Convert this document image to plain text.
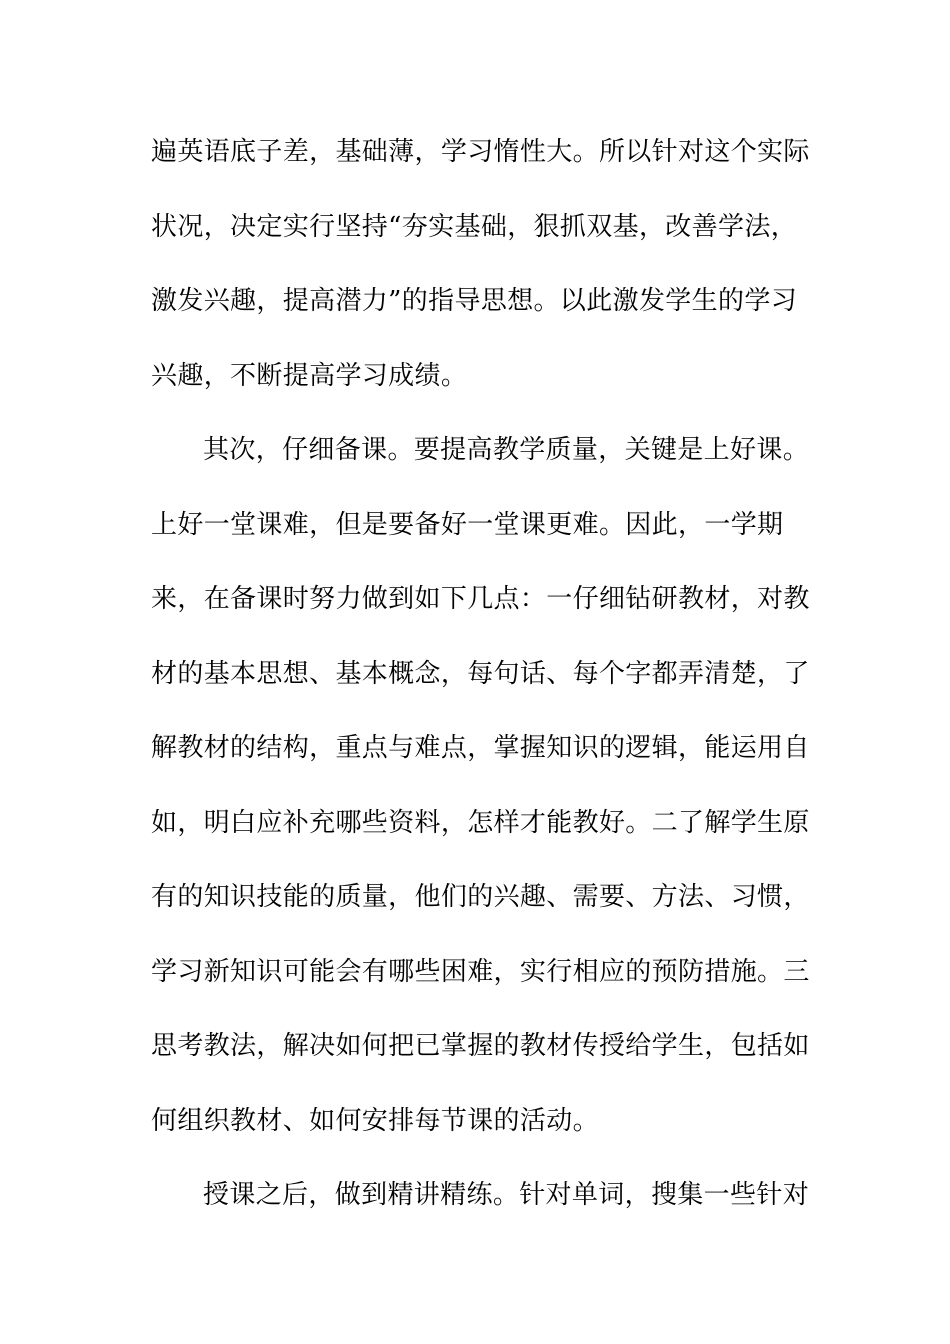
遍英语底子差，基础薄，学习惰性大。所以针对这个实际
状况，决定实行坚持“夯实基础，狠抓双基，改善学法，
激发兴趣，提高潜力”的指导思想。以此激发学生的学习
兴趣，不断提高学习成绩。
其次，仔细备课。要提高教学质量，关键是上好课。
上好一堂课难，但是要备好一堂课更难。因此，一学期
来，在备课时努力做到如下几点：一仔细钻研教材，对教
材的基本思想、基本概念，每句话、每个字都弄清楚，了
解教材的结构，重点与难点，掌握知识的逻辑，能运用自
如，明白应补充哪些资料，怎样才能教好。二了解学生原
有的知识技能的质量，他们的兴趣、需要、方法、习惯，
学习新知识可能会有哪些困难，实行相应的预防措施。三
思考教法，解决如何把已掌握的教材传授给学生，包括如
何组织教材、如何安排每节课的活动。
授课之后，做到精讲精练。针对单词，搜集一些针对
